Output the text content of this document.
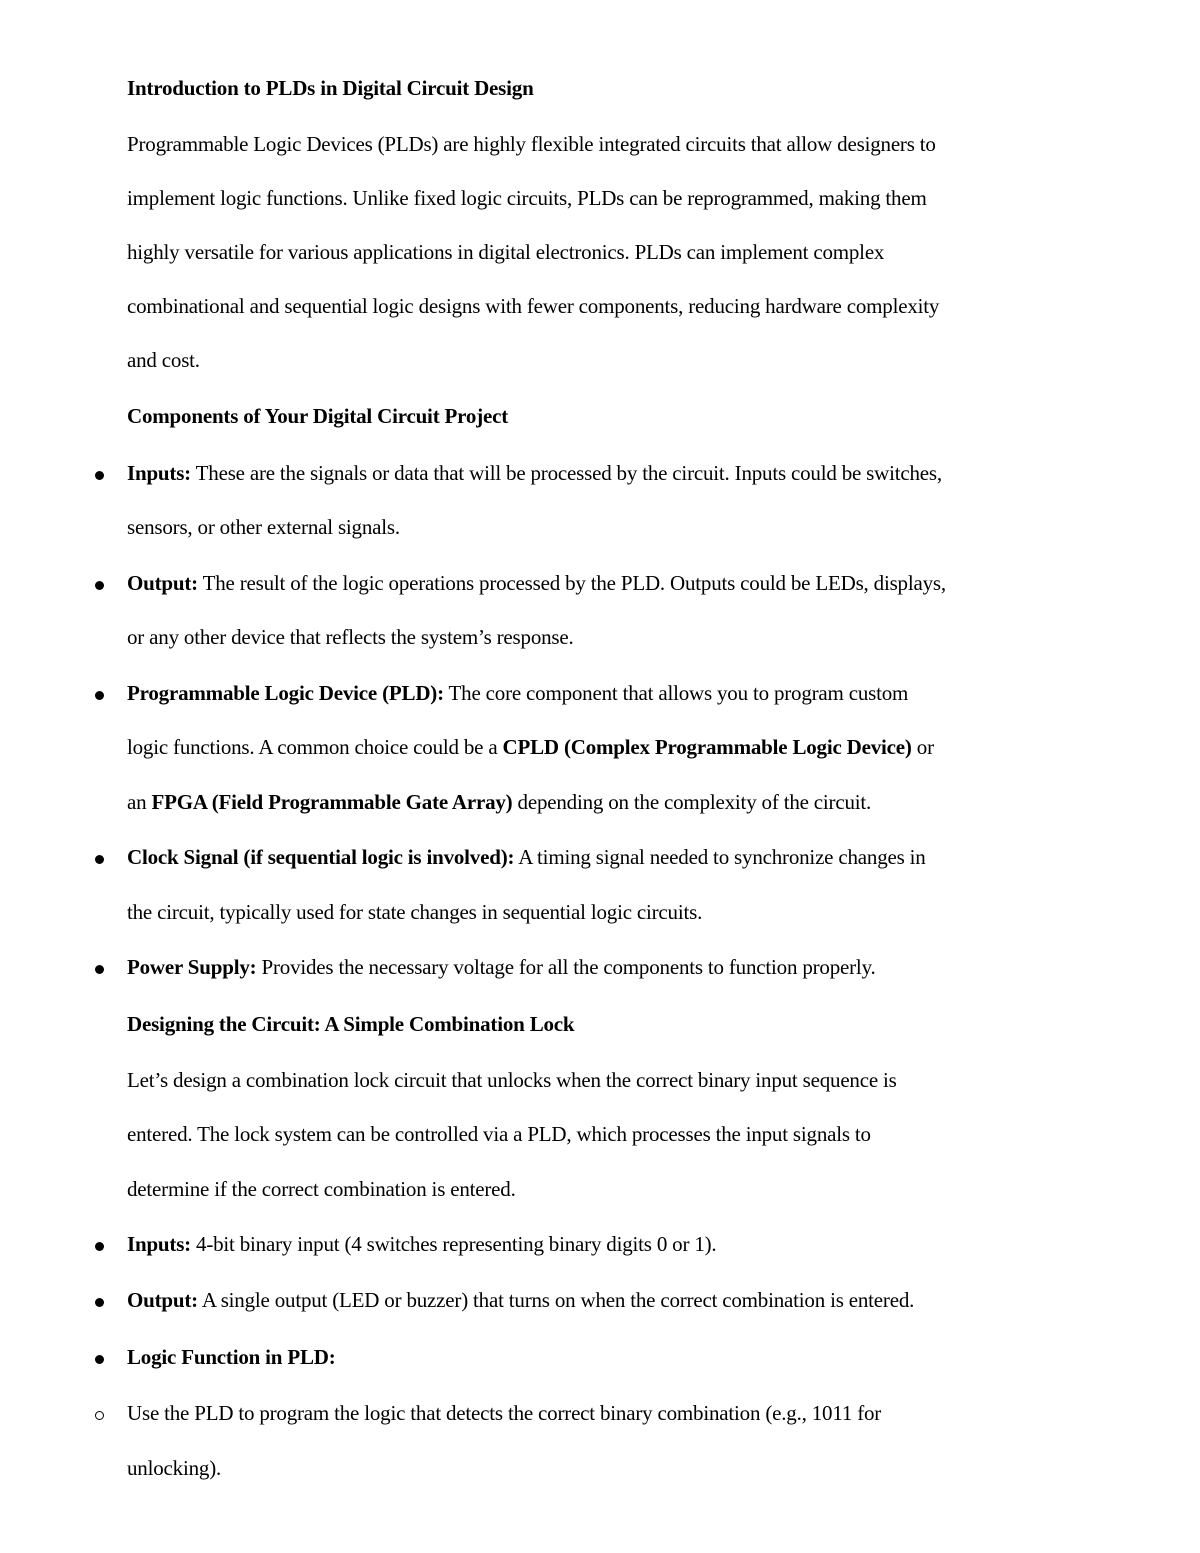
Introduction to PLDs in Digital Circuit Design
Programmable Logic Devices (PLDs) are highly flexible integrated circuits that allow designers to
implement logic functions. Unlike fixed logic circuits, PLDs can be reprogrammed, making them
highly versatile for various applications in digital electronics. PLDs can implement complex
combinational and sequential logic designs with fewer components, reducing hardware complexity
and cost.
Components of Your Digital Circuit Project
Inputs: These are the signals or data that will be processed by the circuit. Inputs could be switches,
sensors, or other external signals.
Output: The result of the logic operations processed by the PLD. Outputs could be LEDs, displays,
or any other device that reflects the system’s response.
Programmable Logic Device (PLD): The core component that allows you to program custom
logic functions. A common choice could be a CPLD (Complex Programmable Logic Device) or
an FPGA (Field Programmable Gate Array) depending on the complexity of the circuit.
Clock Signal (if sequential logic is involved): A timing signal needed to synchronize changes in
the circuit, typically used for state changes in sequential logic circuits.
Power Supply: Provides the necessary voltage for all the components to function properly.
Designing the Circuit: A Simple Combination Lock
Let’s design a combination lock circuit that unlocks when the correct binary input sequence is
entered. The lock system can be controlled via a PLD, which processes the input signals to
determine if the correct combination is entered.
Inputs: 4-bit binary input (4 switches representing binary digits 0 or 1).
Output: A single output (LED or buzzer) that turns on when the correct combination is entered.
Logic Function in PLD:
Use the PLD to program the logic that detects the correct binary combination (e.g., 1011 for
unlocking).
